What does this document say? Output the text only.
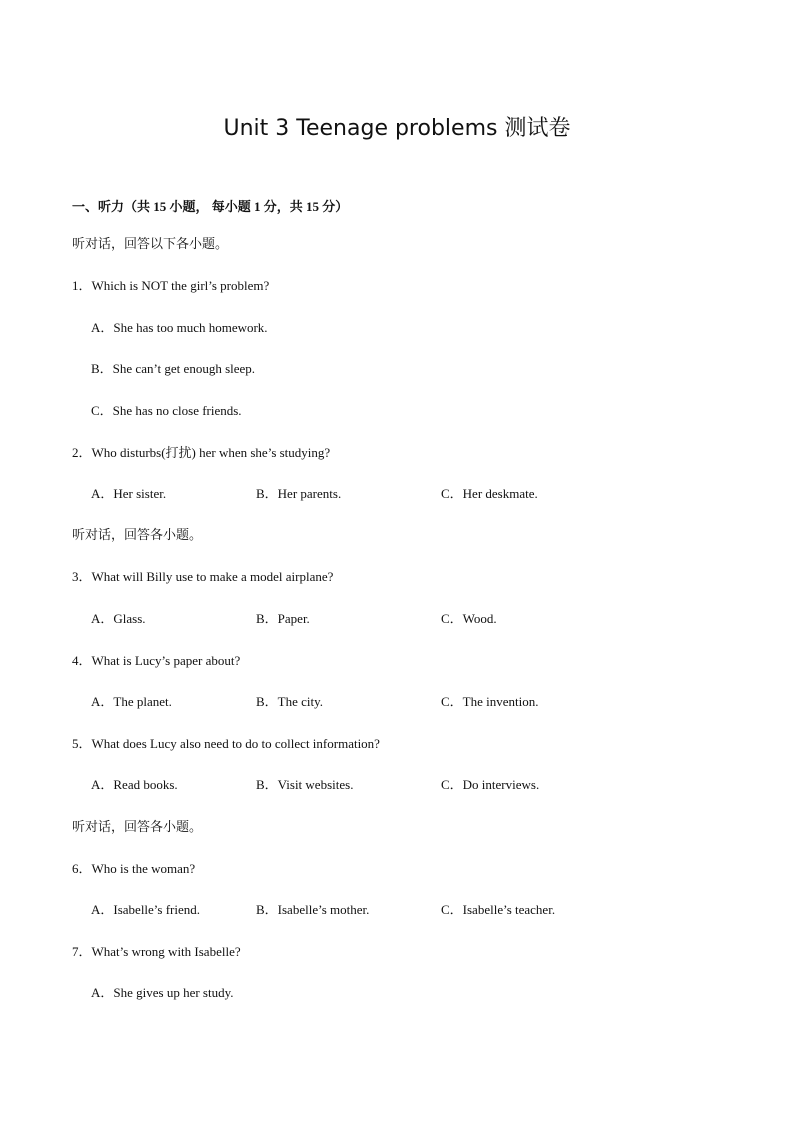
Unit 3 Teenage problems 测试卷
一、听力（共 15 小题， 每小题 1 分，共 15 分）
听对话，回答以下各小题。
1．Which is NOT the girl’s problem?
A．She has too much homework.
B．She can’t get enough sleep.
C．She has no close friends.
2．Who disturbs(打扰) her when she’s studying?
A．Her sister.	B．Her parents.	C．Her deskmate.
听对话，回答各小题。
3．What will Billy use to make a model airplane?
A．Glass.	B．Paper.	C．Wood.
4．What is Lucy’s paper about?
A．The planet.	B．The city.	C．The invention.
5．What does Lucy also need to do to collect information?
A．Read books.	B．Visit websites.	C．Do interviews.
听对话，回答各小题。
6．Who is the woman?
A．Isabelle’s friend.	B．Isabelle’s mother.	C．Isabelle’s teacher.
7．What’s wrong with Isabelle?
A．She gives up her study.
